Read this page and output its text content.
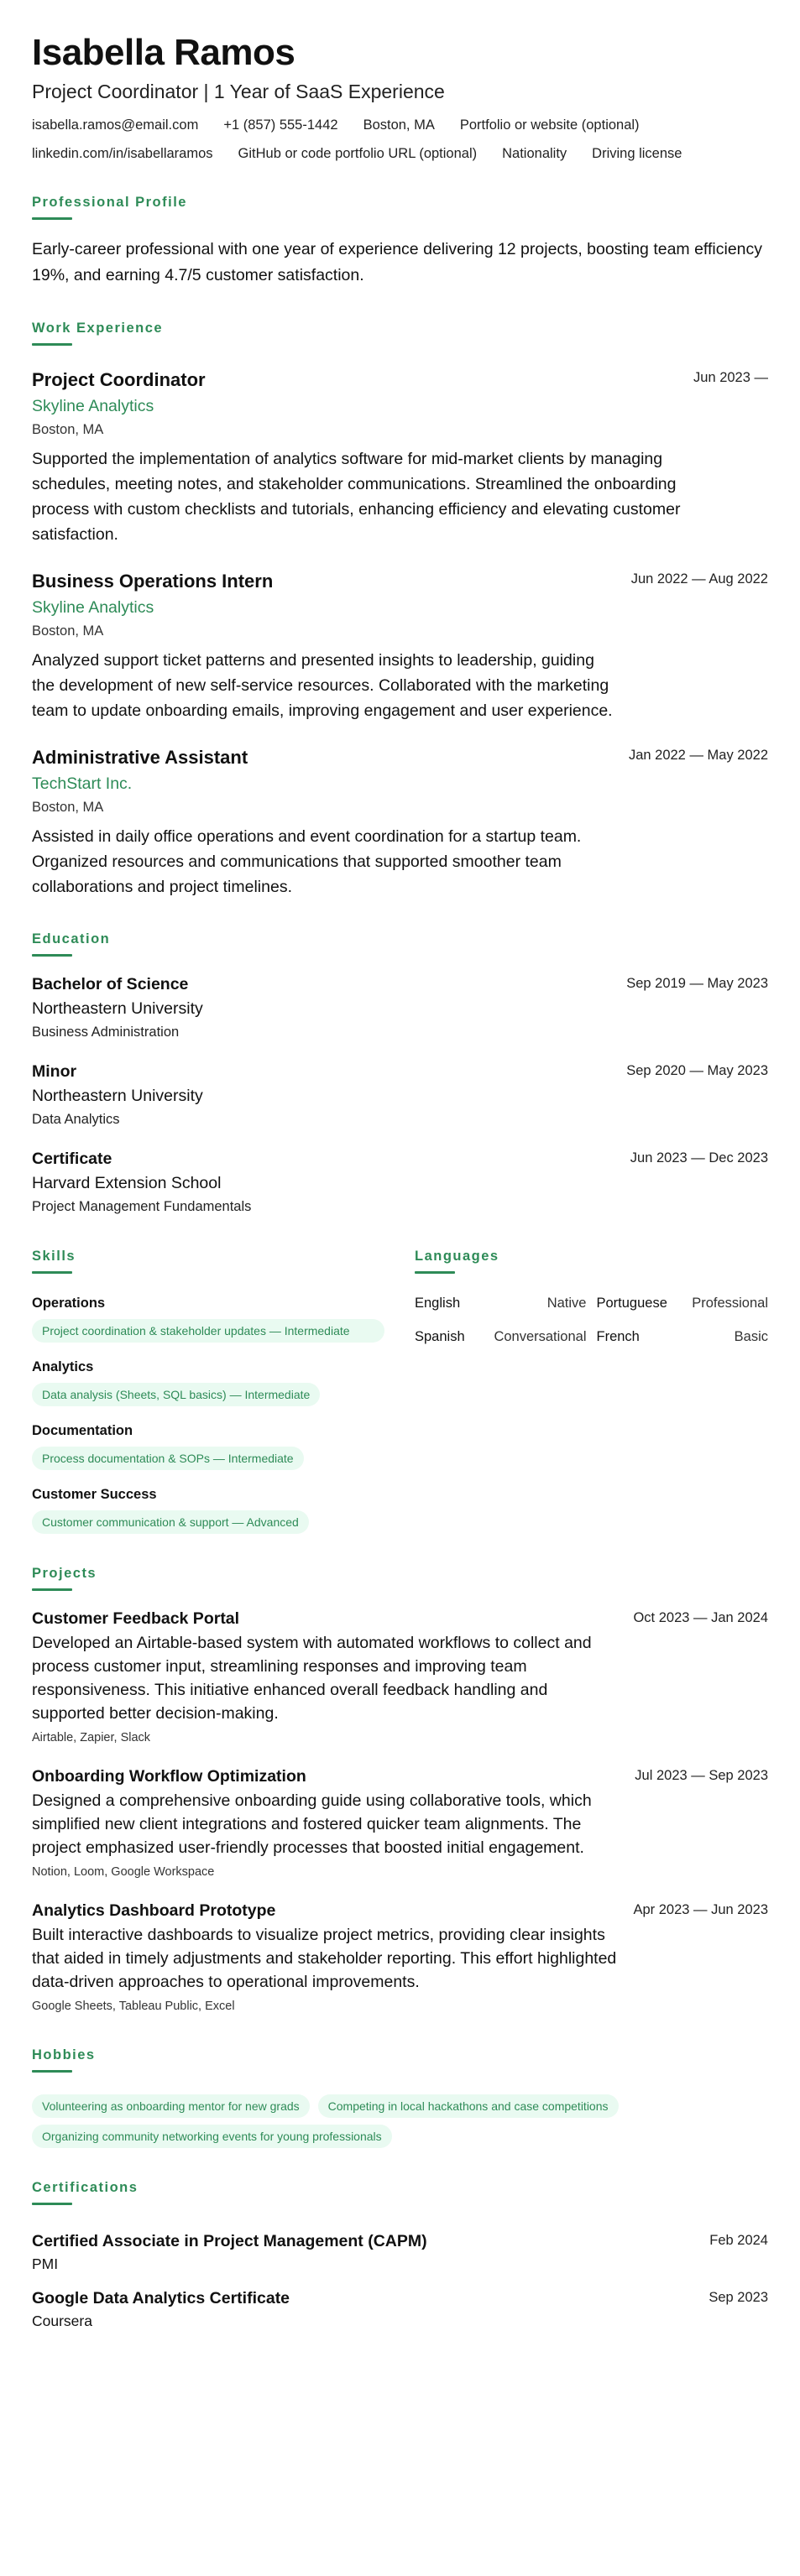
Isabella Ramos
Project Coordinator | 1 Year of SaaS Experience
isabella.ramos@email.com +1 (857) 555-1442 Boston, MA Portfolio or website (optional)
linkedin.com/in/isabellaramos GitHub or code portfolio URL (optional) Nationality Driving license
Professional Profile

Early-career professional with one year of experience delivering 12 projects, boosting team efficiency 19%, and earning 4.7/5 customer satisfaction.

Work Experience
Project Coordinator
Skyline Analytics
Boston, MA

Supported the implementation of analytics software for mid-market clients by managing schedules, meeting notes, and stakeholder communications. Streamlined the onboarding process with custom checklists and tutorials, enhancing efficiency and elevating customer satisfaction.

Jun 2023 —
Business Operations Intern
Skyline Analytics
Boston, MA

Analyzed support ticket patterns and presented insights to leadership, guiding the development of new self-service resources. Collaborated with the marketing team to update onboarding emails, improving engagement and user experience.

Jun 2022 — Aug 2022
Administrative Assistant
TechStart Inc.
Boston, MA

Assisted in daily office operations and event coordination for a startup team. Organized resources and communications that supported smoother team collaborations and project timelines.

Jan 2022 — May 2022
Education
Bachelor of Science
Northeastern University
Business Administration
Sep 2019 — May 2023
Minor
Northeastern University
Data Analytics
Sep 2020 — May 2023
Certificate
Harvard Extension School
Project Management Fundamentals
Jun 2023 — Dec 2023
Skills
Operations
Project coordination & stakeholder updates — Intermediate
Analytics
Data analysis (Sheets, SQL basics) — Intermediate
Documentation
Process documentation & SOPs — Intermediate
Customer Success
Customer communication & support — Advanced
Languages
English	Native Portuguese Professional
Spanish Conversational French	Basic
Projects
Customer Feedback Portal

Developed an Airtable-based system with automated workflows to collect and process customer input, streamlining responses and improving team responsiveness. This initiative enhanced overall feedback handling and supported better decision-making.

Airtable, Zapier, Slack
Oct 2023 — Jan 2024
Onboarding Workflow Optimization

Designed a comprehensive onboarding guide using collaborative tools, which simplified new client integrations and fostered quicker team alignments. The project emphasized user-friendly processes that boosted initial engagement.

Notion, Loom, Google Workspace
Jul 2023 — Sep 2023
Analytics Dashboard Prototype

Built interactive dashboards to visualize project metrics, providing clear insights that aided in timely adjustments and stakeholder reporting. This effort highlighted data-driven approaches to operational improvements.

Google Sheets, Tableau Public, Excel
Apr 2023 — Jun 2023
Hobbies
Volunteering as onboarding mentor for new grads	Competing in local hackathons and case competitions
Organizing community networking events for young professionals
Certifications
Certified Associate in Project Management (CAPM)
PMI
Feb 2024
Google Data Analytics Certificate
Coursera
Sep 2023
